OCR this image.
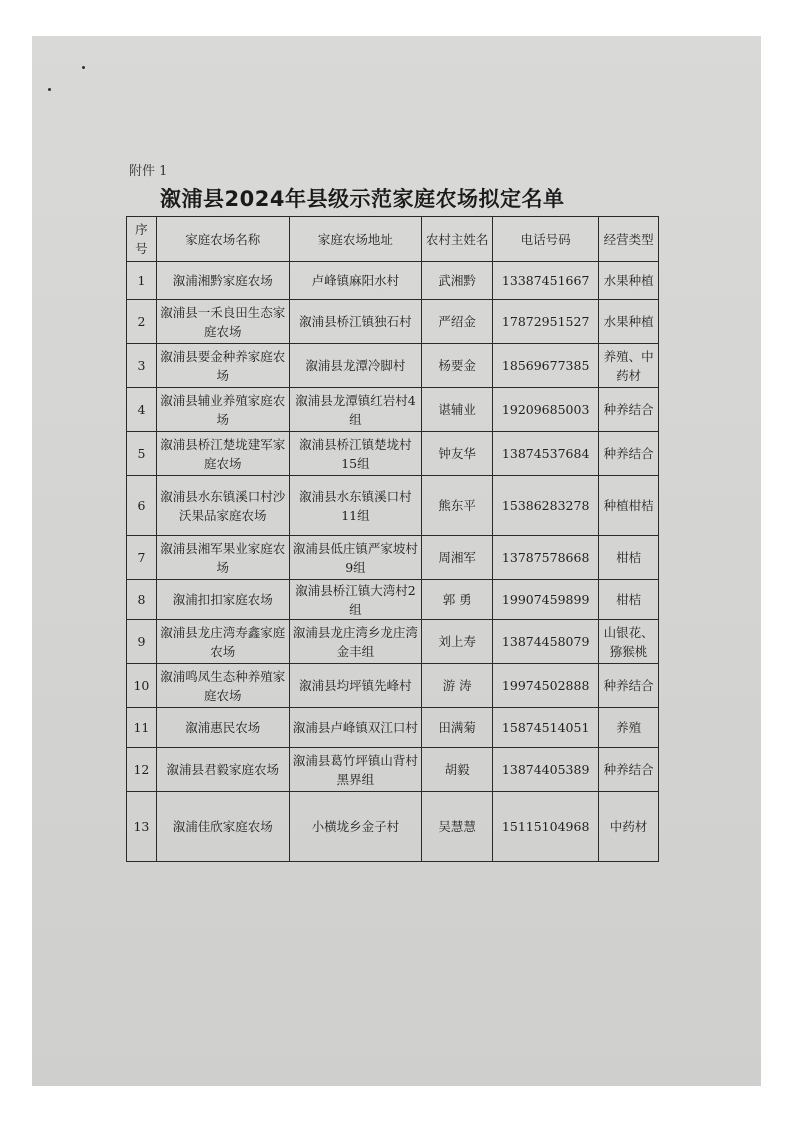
附件 1
溆浦县2024年县级示范家庭农场拟定名单
序号	家庭农场名称	家庭农场地址	农村主姓名	电话号码	经营类型
1	溆浦湘黔家庭农场	卢峰镇麻阳水村	武湘黔	13387451667	水果种植
2	溆浦县一禾良田生态家庭农场	溆浦县桥江镇独石村	严绍金	17872951527	水果种植
3	溆浦县要金种养家庭农场	溆浦县龙潭冷脚村	杨要金	18569677385	养殖、中药材
4	溆浦县辅业养殖家庭农场	溆浦县龙潭镇红岩村4组	谌辅业	19209685003	种养结合
5	溆浦县桥江楚垅建军家庭农场	溆浦县桥江镇楚垅村15组	钟友华	13874537684	种养结合
6	溆浦县水东镇溪口村沙沃果品家庭农场	溆浦县水东镇溪口村11组	熊东平	15386283278	种植柑桔
7	溆浦县湘军果业家庭农场	溆浦县低庄镇严家坡村9组	周湘军	13787578668	柑桔
8	溆浦扣扣家庭农场	溆浦县桥江镇大湾村2组	郭 勇	19907459899	柑桔
9	溆浦县龙庄湾寿鑫家庭农场	溆浦县龙庄湾乡龙庄湾金丰组	刘上寿	13874458079	山银花、猕猴桃
10	溆浦鸣凤生态种养殖家庭农场	溆浦县均坪镇先峰村	游 涛	19974502888	种养结合
11	溆浦惠民农场	溆浦县卢峰镇双江口村	田满菊	15874514051	养殖
12	溆浦县君毅家庭农场	溆浦县葛竹坪镇山背村黑界组	胡毅	13874405389	种养结合
13	溆浦佳欣家庭农场	小横垅乡金子村	吴慧慧	15115104968	中药材
